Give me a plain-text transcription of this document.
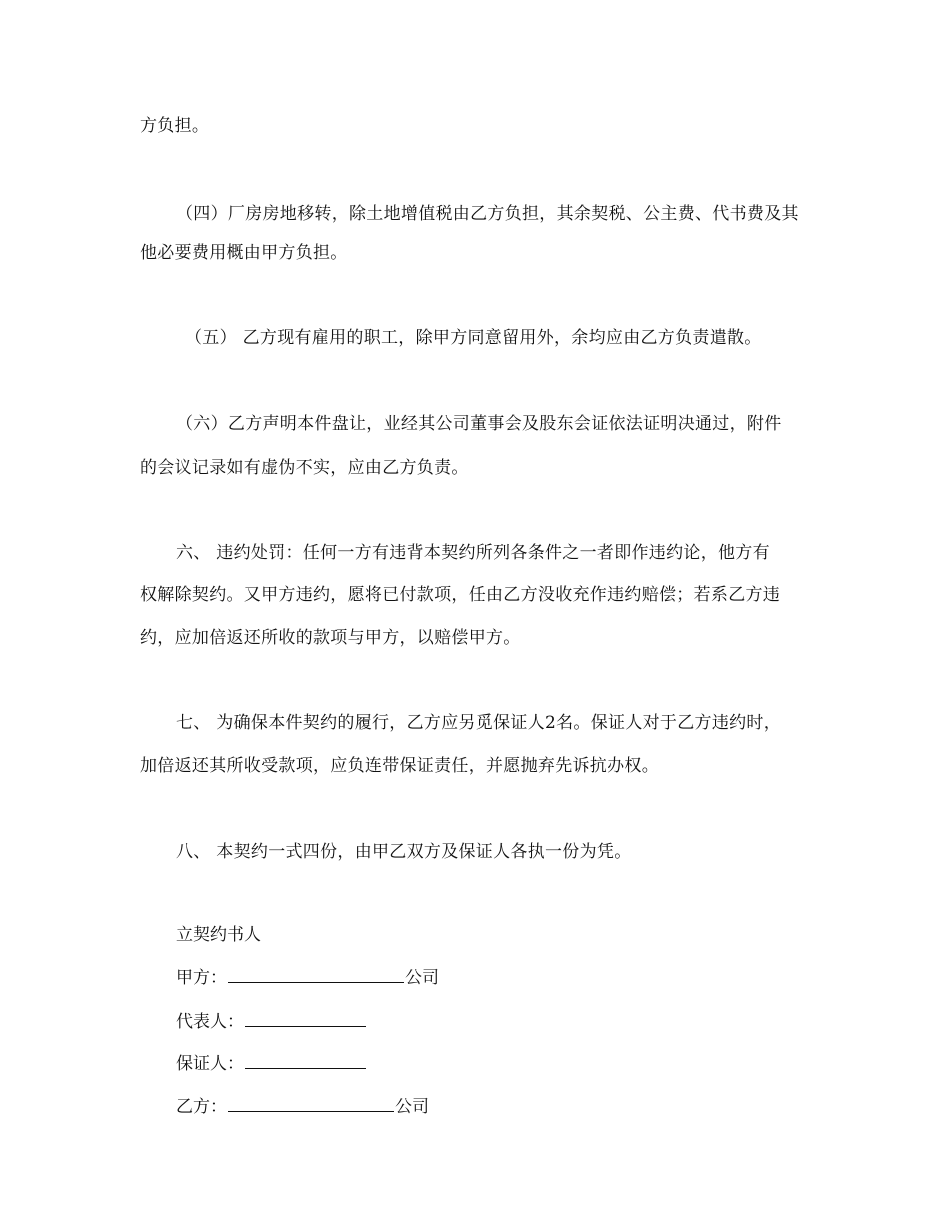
方负担。
（四）厂房房地移转，除土地增值税由乙方负担，其余契税、公主费、代书费及其
他必要费用概由甲方负担。
（五） 乙方现有雇用的职工，除甲方同意留用外，余均应由乙方负责遣散。
（六）乙方声明本件盘让，业经其公司董事会及股东会证依法证明决通过，附件
的会议记录如有虚伪不实，应由乙方负责。
六、 违约处罚：任何一方有违背本契约所列各条件之一者即作违约论，他方有
权解除契约。又甲方违约，愿将已付款项，任由乙方没收充作违约赔偿；若系乙方违
约，应加倍返还所收的款项与甲方，以赔偿甲方。
七、 为确保本件契约的履行，乙方应另觅保证人2名。保证人对于乙方违约时，
加倍返还其所收受款项，应负连带保证责任，并愿抛弃先诉抗办权。
八、 本契约一式四份，由甲乙双方及保证人各执一份为凭。
立契约书人
甲方：	公司
代表人：
保证人：
乙方：	公司
